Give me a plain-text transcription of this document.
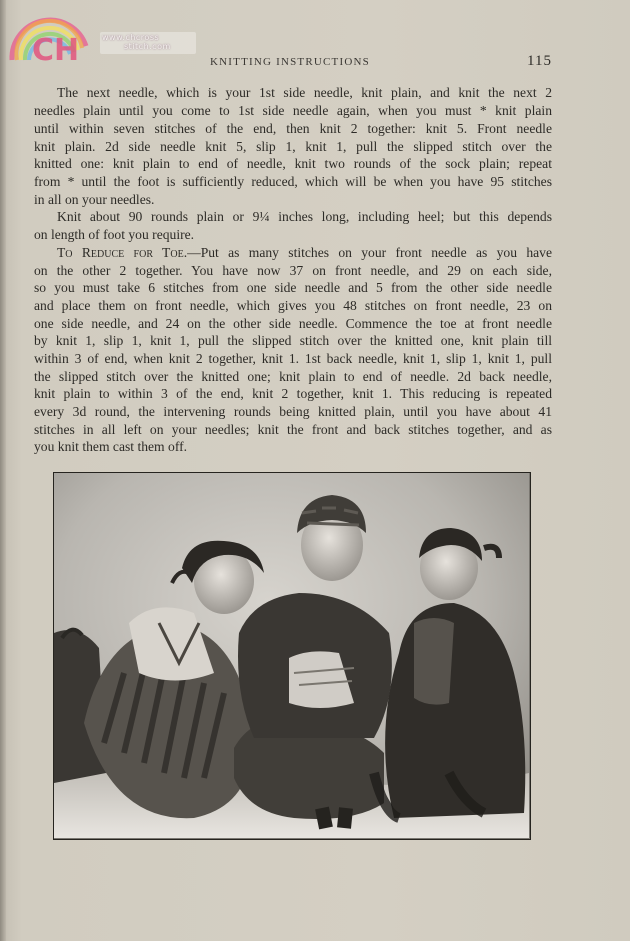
CH	www.chcross
stitch.com
KNITTING INSTRUCTIONS	115
The next needle, which is your 1st side needle, knit plain, and knit the next 2
needles plain until you come to 1st side needle again, when you must * knit plain
until within seven stitches of the end, then knit 2 together: knit 5. Front needle
knit plain. 2d side needle knit 5, slip 1, knit 1, pull the slipped stitch over the
knitted one: knit plain to end of needle, knit two rounds of the sock plain; repeat
from * until the foot is sufficiently reduced, which will be when you have 95 stitches
in all on your needles.
Knit about 90 rounds plain or 9¼ inches long, including heel; but this depends
on length of foot you require.
To Reduce for Toe.—Put as many stitches on your front needle as you have
on the other 2 together. You have now 37 on front needle, and 29 on each side,
so you must take 6 stitches from one side needle and 5 from the other side needle
and place them on front needle, which gives you 48 stitches on front needle, 23 on
one side needle, and 24 on the other side needle. Commence the toe at front needle
by knit 1, slip 1, knit 1, pull the slipped stitch over the knitted one, knit plain till
within 3 of end, when knit 2 together, knit 1. 1st back needle, knit 1, slip 1, knit 1, pull
the slipped stitch over the knitted one; knit plain to end of needle. 2d back needle,
knit plain to within 3 of the end, knit 2 together, knit 1. This reducing is repeated
every 3d round, the intervening rounds being knitted plain, until you have about 41
stitches in all left on your needles; knit the front and back stitches together, and as
you knit them cast them off.
